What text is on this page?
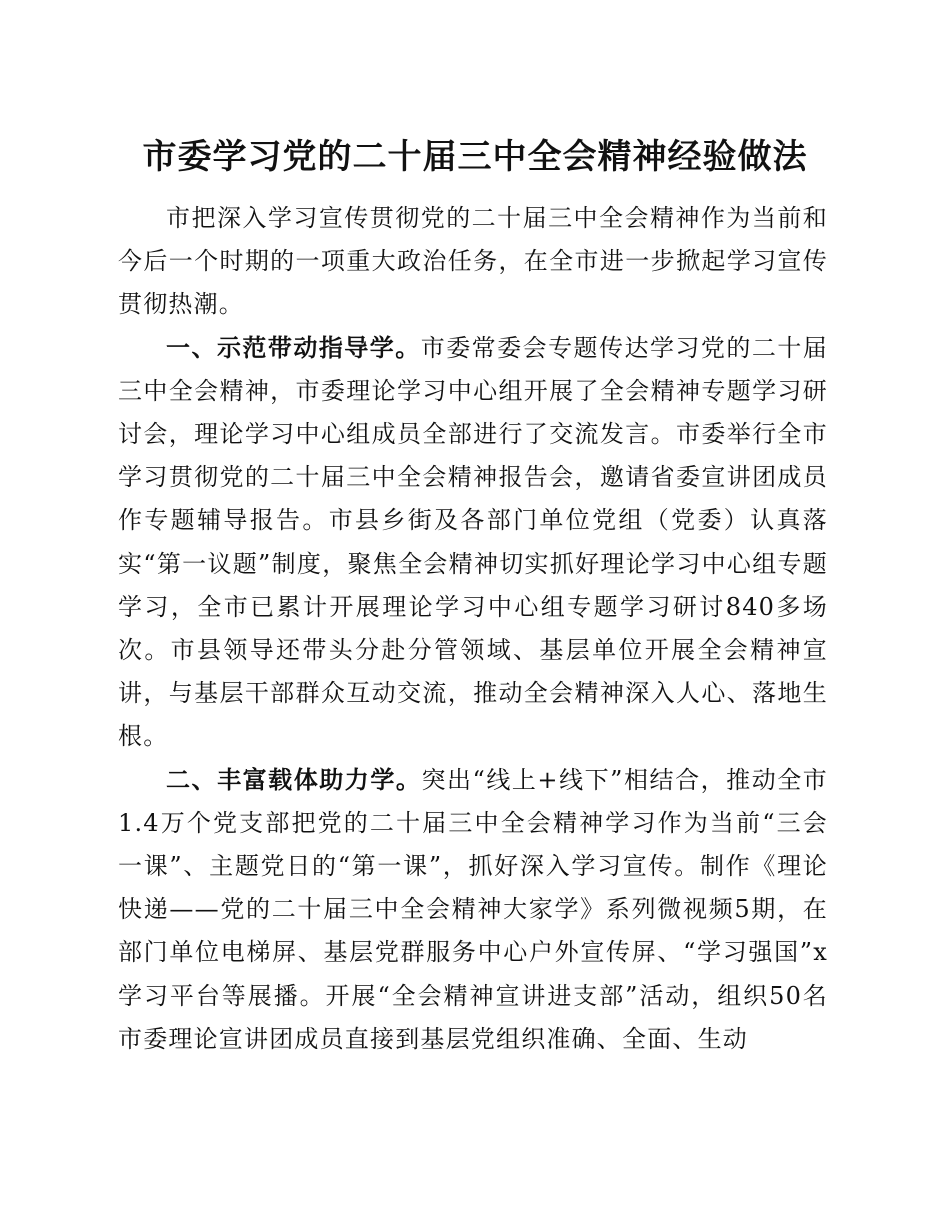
市委学习党的二十届三中全会精神经验做法

市把深入学习宣传贯彻党的二十届三中全会精神作为当前和今后一个时期的一项重大政治任务，在全市进一步掀起学习宣传贯彻热潮。

一、示范带动指导学。市委常委会专题传达学习党的二十届三中全会精神，市委理论学习中心组开展了全会精神专题学习研讨会，理论学习中心组成员全部进行了交流发言。市委举行全市学习贯彻党的二十届三中全会精神报告会，邀请省委宣讲团成员作专题辅导报告。市县乡街及各部门单位党组（党委）认真落实“第一议题”制度，聚焦全会精神切实抓好理论学习中心组专题学习，全市已累计开展理论学习中心组专题学习研讨840多场次。市县领导还带头分赴分管领域、基层单位开展全会精神宣讲，与基层干部群众互动交流，推动全会精神深入人心、落地生根。

二、丰富载体助力学。突出“线上+线下”相结合，推动全市1.4万个党支部把党的二十届三中全会精神学习作为当前“三会一课”、主题党日的“第一课”，抓好深入学习宣传。制作《理论快递——党的二十届三中全会精神大家学》系列微视频5期，在部门单位电梯屏、基层党群服务中心户外宣传屏、“学习强国”x学习平台等展播。开展“全会精神宣讲进支部”活动，组织50名市委理论宣讲团成员直接到基层党组织准确、全面、生动
